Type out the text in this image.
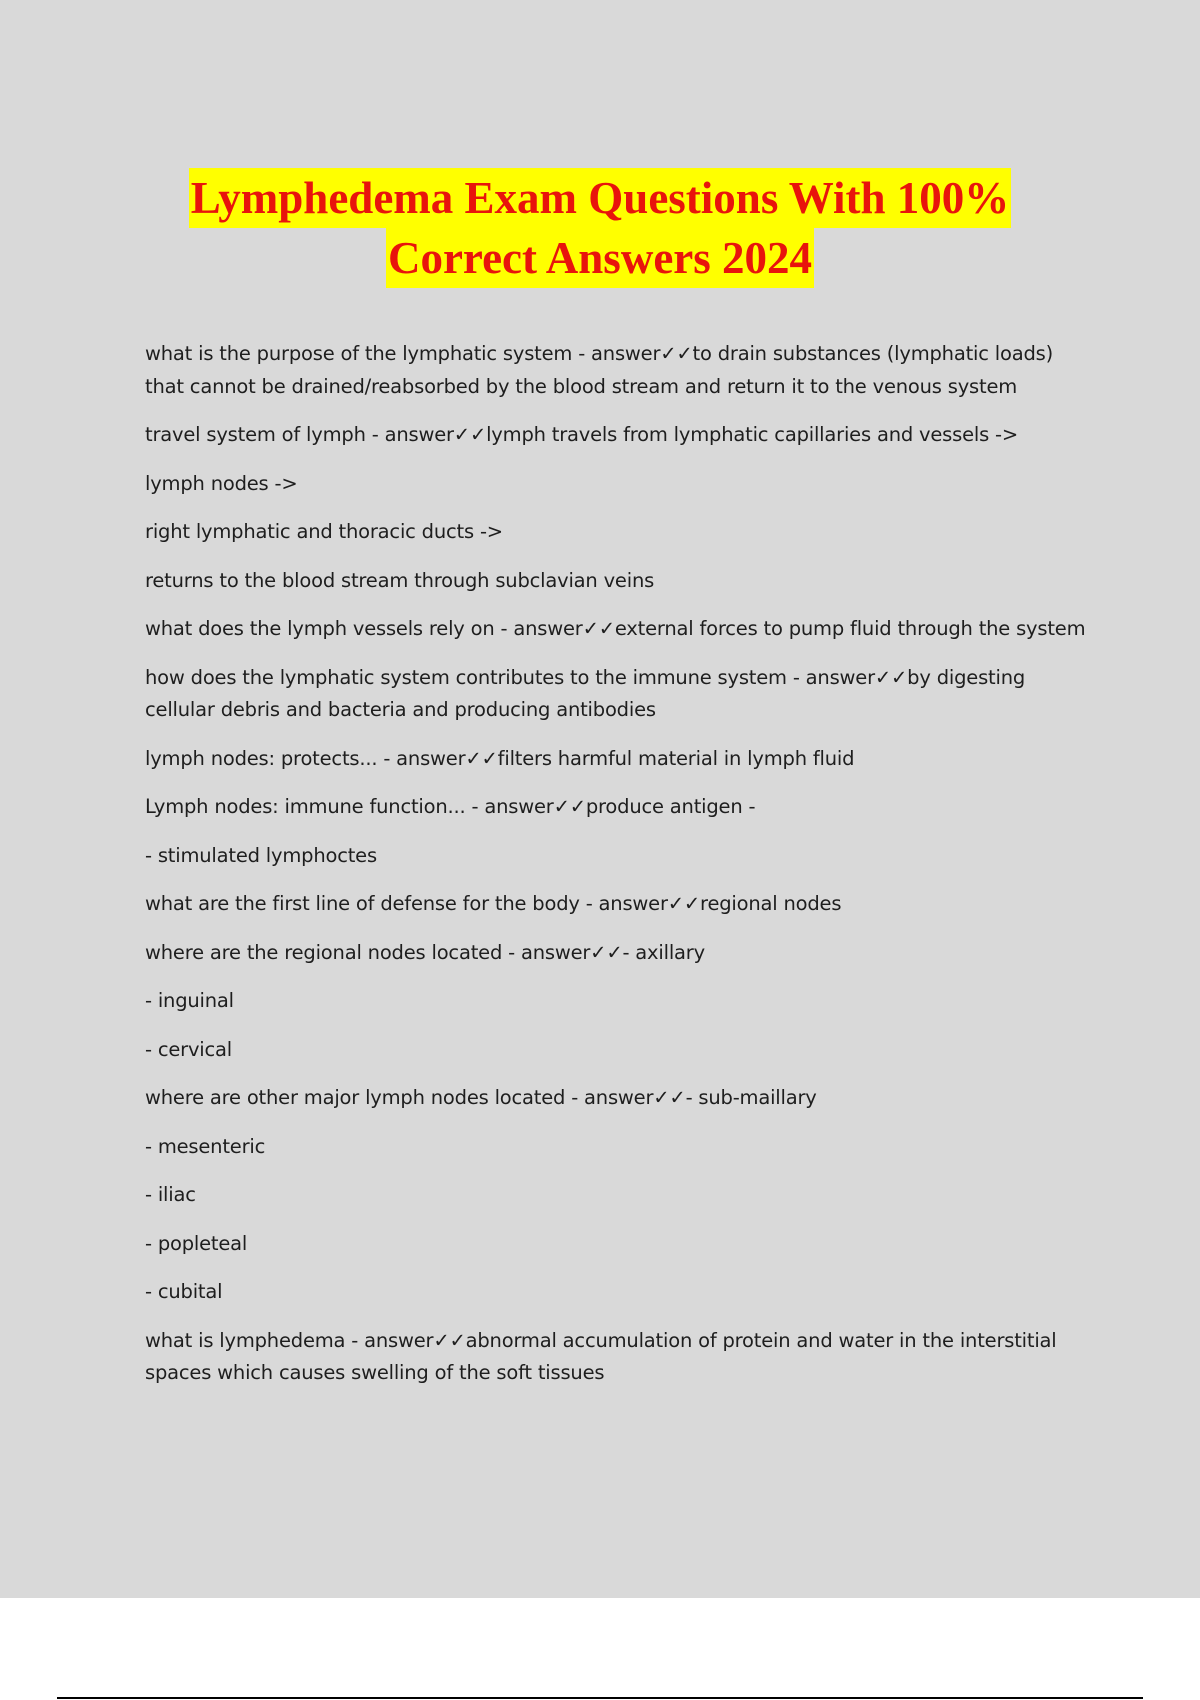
Lymphedema Exam Questions With 100%
Correct Answers 2024

what is the purpose of the lymphatic system - answer✓✓to drain substances (lymphatic loads) that cannot be drained/reabsorbed by the blood stream and return it to the venous system

travel system of lymph - answer✓✓lymph travels from lymphatic capillaries and vessels ->

lymph nodes ->

right lymphatic and thoracic ducts ->

returns to the blood stream through subclavian veins

what does the lymph vessels rely on - answer✓✓external forces to pump fluid through the system

how does the lymphatic system contributes to the immune system - answer✓✓by digesting cellular debris and bacteria and producing antibodies

lymph nodes: protects... - answer✓✓filters harmful material in lymph fluid

Lymph nodes: immune function... - answer✓✓produce antigen -

- stimulated lymphoctes

what are the first line of defense for the body - answer✓✓regional nodes

where are the regional nodes located - answer✓✓- axillary

- inguinal

- cervical

where are other major lymph nodes located - answer✓✓- sub-maillary

- mesenteric

- iliac

- popleteal

- cubital

what is lymphedema - answer✓✓abnormal accumulation of protein and water in the interstitial spaces which causes swelling of the soft tissues
